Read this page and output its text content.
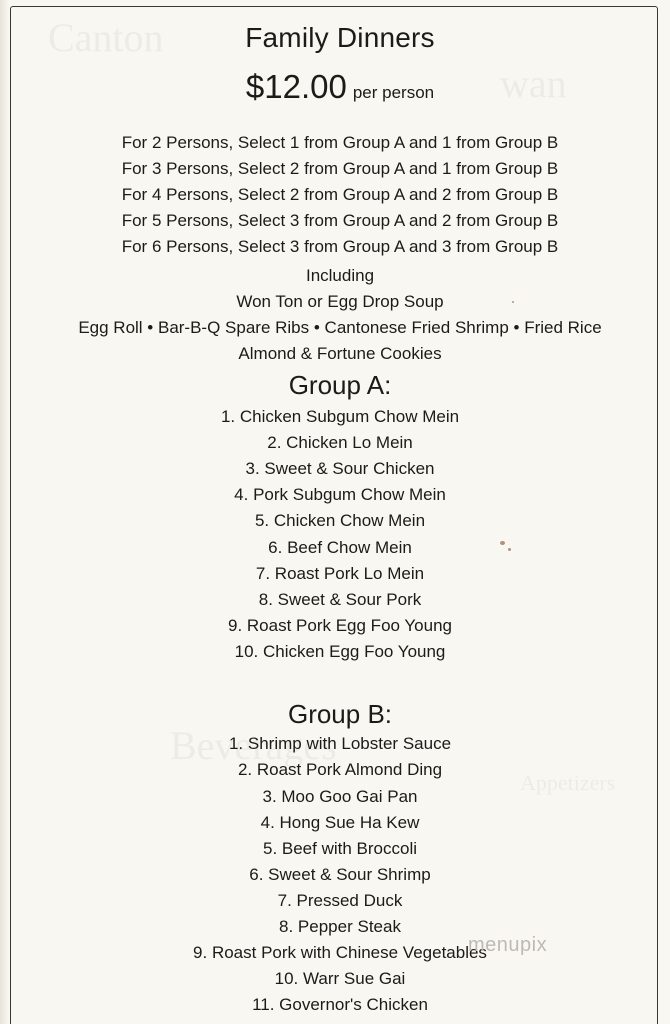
Family Dinners
$12.00 per person
For 2 Persons, Select 1 from Group A and 1 from Group B
For 3 Persons, Select 2 from Group A and 1 from Group B
For 4 Persons, Select 2 from Group A and 2 from Group B
For 5 Persons, Select 3 from Group A and 2 from Group B
For 6 Persons, Select 3 from Group A and 3 from Group B
Including
Won Ton or Egg Drop Soup
Egg Roll • Bar-B-Q Spare Ribs • Cantonese Fried Shrimp • Fried Rice
Almond & Fortune Cookies
Group A:
1. Chicken Subgum Chow Mein
2. Chicken Lo Mein
3. Sweet & Sour Chicken
4. Pork Subgum Chow Mein
5. Chicken Chow Mein
6. Beef Chow Mein
7. Roast Pork Lo Mein
8. Sweet & Sour Pork
9. Roast Pork Egg Foo Young
10. Chicken Egg Foo Young
Group B:
1. Shrimp with Lobster Sauce
2. Roast Pork Almond Ding
3. Moo Goo Gai Pan
4. Hong Sue Ha Kew
5. Beef with Broccoli
6. Sweet & Sour Shrimp
7. Pressed Duck
8. Pepper Steak
9. Roast Pork with Chinese Vegetables
10. Warr Sue Gai
11. Governor's Chicken
menupix
